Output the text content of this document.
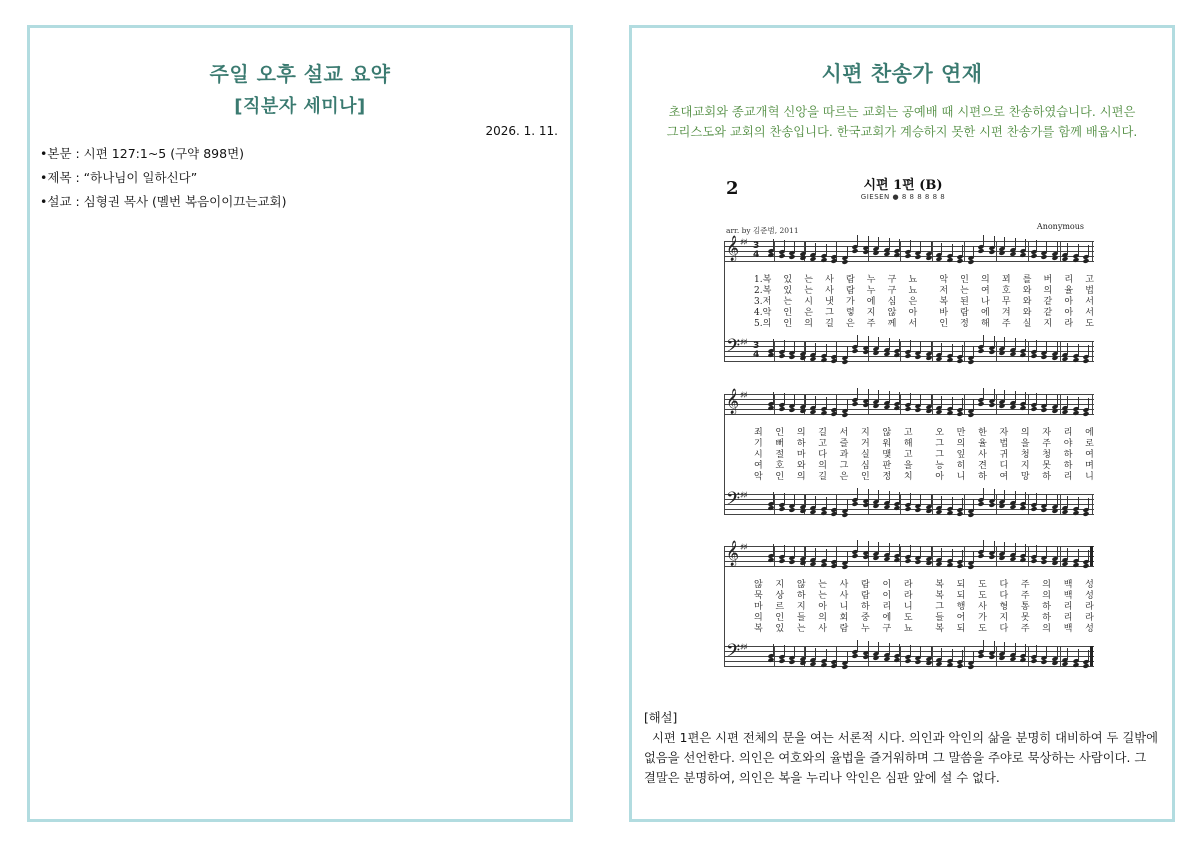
주일 오후 설교 요약
[직분자 세미나]
2026. 1. 11.
•본문 : 시편 127:1~5 (구약 898면)
•제목 : “하나님이 일하신다”
•설교 : 심형권 목사 (멜번 복음이이끄는교회)
시편 찬송가 연재
초대교회와 종교개혁 신앙을 따르는 교회는 공예배 때 시편으로 찬송하였습니다. 시편은
그리스도와 교회의 찬송입니다. 한국교회가 계승하지 못한 시편 찬송가를 함께 배웁시다.
2	시편 1편 (B)
GIESEN ● 8 8 8 8 8 8
arr. by 김준범, 2011	Anonymous
𝄞 ♯♯ 3
4
1.복 있 는 사 람 누 구 뇨 악 인 의 꾀 를 버 리 고
2.복 있 는 사 람 누 구 뇨 저 는 여 호 와 의 율 법
3.저 는 시 냇 가 에 심 은 복 된 나 무 와 같 아 서
4.악 인 은 그 렇 지 않 아 바 람 에 겨 와 같 아 서
5.의 인 의 길 은 주 께 서 인 정 해 주 실 지 라 도
𝄢 ♯♯ 3
4
𝄞 ♯♯
죄 인 의 길 서 지 않 고	오 만 한 자 의 자 리 에
기 뻐 하 고 즐 거 워 해	그 의 율 법 을 주 야 로
시 절 마 다 과 실 맺 고	그 잎 사 귀 청 청 하 여
여 호 와 의 그 심 판 을	능 히 견 디 지 못 하 며
악 인 의 길 은 인 정 치	아 니 하 여 망 하 리 니
𝄢 ♯♯
𝄞 ♯♯
않 지 않 는 사 람 이 라	복 되 도 다 주 의 백 성
묵 상 하 는 사 람 이 라	복 되 도 다 주 의 백 성
마 르 지 아 니 하 리 니	그 행 사 형 통 하 리 라
의 인 들 의 회 중 에 도	들 어 가 지 못 하 리 라
복 있 는 사 람 누 구 뇨	복 되 도 다 주 의 백 성
𝄢 ♯♯
[해설]
시편 1편은 시편 전체의 문을 여는 서론적 시다. 의인과 악인의 삶을 분명히 대비하여 두 길밖에 없음을 선언한다. 의인은 여호와의 율법을 즐거워하며 그 말씀을 주야로 묵상하는 사람이다. 그 결말은 분명하여, 의인은 복을 누리나 악인은 심판 앞에 설 수 없다.
